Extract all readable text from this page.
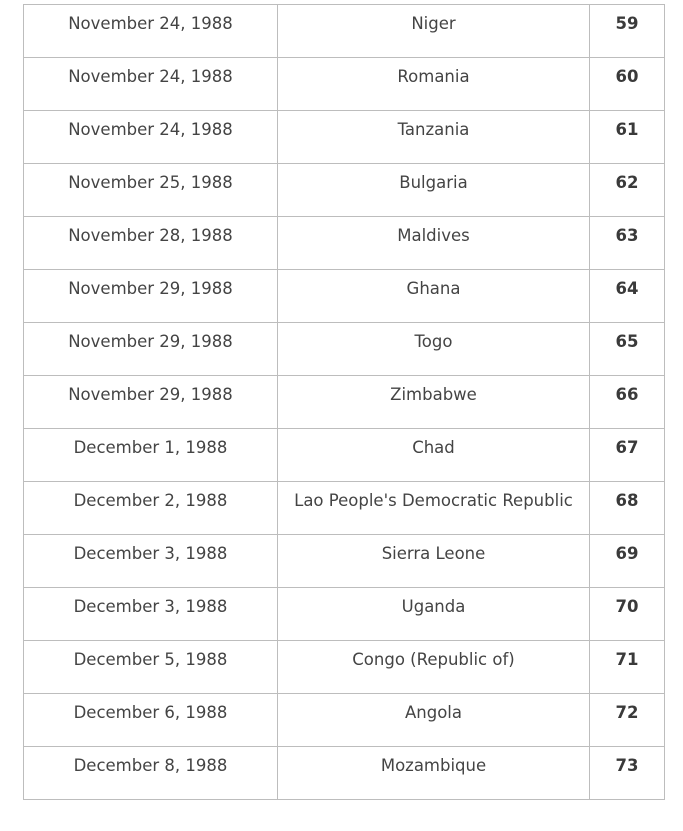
November 24, 1988	Niger	59
November 24, 1988	Romania	60
November 24, 1988	Tanzania	61
November 25, 1988	Bulgaria	62
November 28, 1988	Maldives	63
November 29, 1988	Ghana	64
November 29, 1988	Togo	65
November 29, 1988	Zimbabwe	66
December 1, 1988	Chad	67
December 2, 1988	Lao People's Democratic Republic	68
December 3, 1988	Sierra Leone	69
December 3, 1988	Uganda	70
December 5, 1988	Congo (Republic of)	71
December 6, 1988	Angola	72
December 8, 1988	Mozambique	73
